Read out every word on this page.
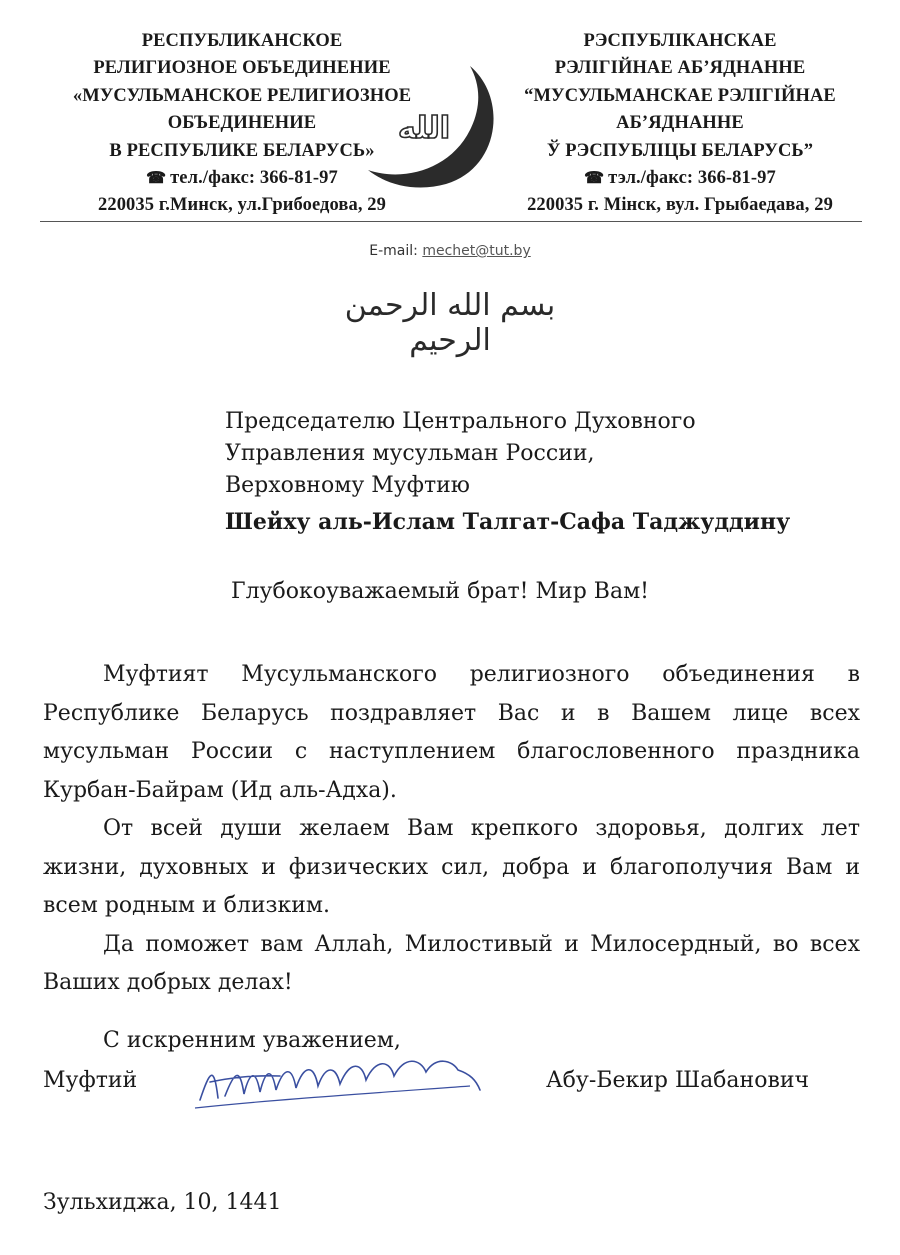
РЕСПУБЛИКАНСКОЕ
РЕЛИГИОЗНОЕ ОБЪЕДИНЕНИЕ
«МУСУЛЬМАНСКОЕ РЕЛИГИОЗНОЕ
ОБЪЕДИНЕНИЕ
В РЕСПУБЛИКЕ БЕЛАРУСЬ»
☎ тел./факс: 366-81-97
220035 г.Минск, ул.Грибоедова, 29
РЭСПУБЛІКАНСКАЕ
РЭЛІГІЙНАЕ АБ’ЯДНАННЕ
“МУСУЛЬМАНСКАЕ РЭЛІГІЙНАЕ
АБ’ЯДНАННЕ
Ў РЭСПУБЛІЦЫ БЕЛАРУСЬ”
☎ тэл./факс: 366-81-97
220035 г. Мінск, вул. Грыбаедава, 29
الله
E-mail: mechet@tut.by
بسم الله الرحمن الرحيم
Председателю Центрального Духовного
Управления мусульман России,
Верховному Муфтию
Шейху аль-Ислам Талгат-Сафа Таджуддину
Глубокоуважаемый брат! Мир Вам!

Муфтият Мусульманского религиозного объединения в Республике Беларусь поздравляет Вас и в Вашем лице всех мусульман России с наступлением благословенного праздника Курбан-Байрам (Ид аль-Адха).

От всей души желаем Вам крепкого здоровья, долгих лет жизни, духовных и физических сил, добра и благополучия Вам и всем родным и близким.

Да поможет вам Аллаh, Милостивый и Милосердный, во всех Ваших добрых делах!

С искренним уважением,
Муфтий	Абу-Бекир Шабанович
Зульхиджа, 10, 1441
